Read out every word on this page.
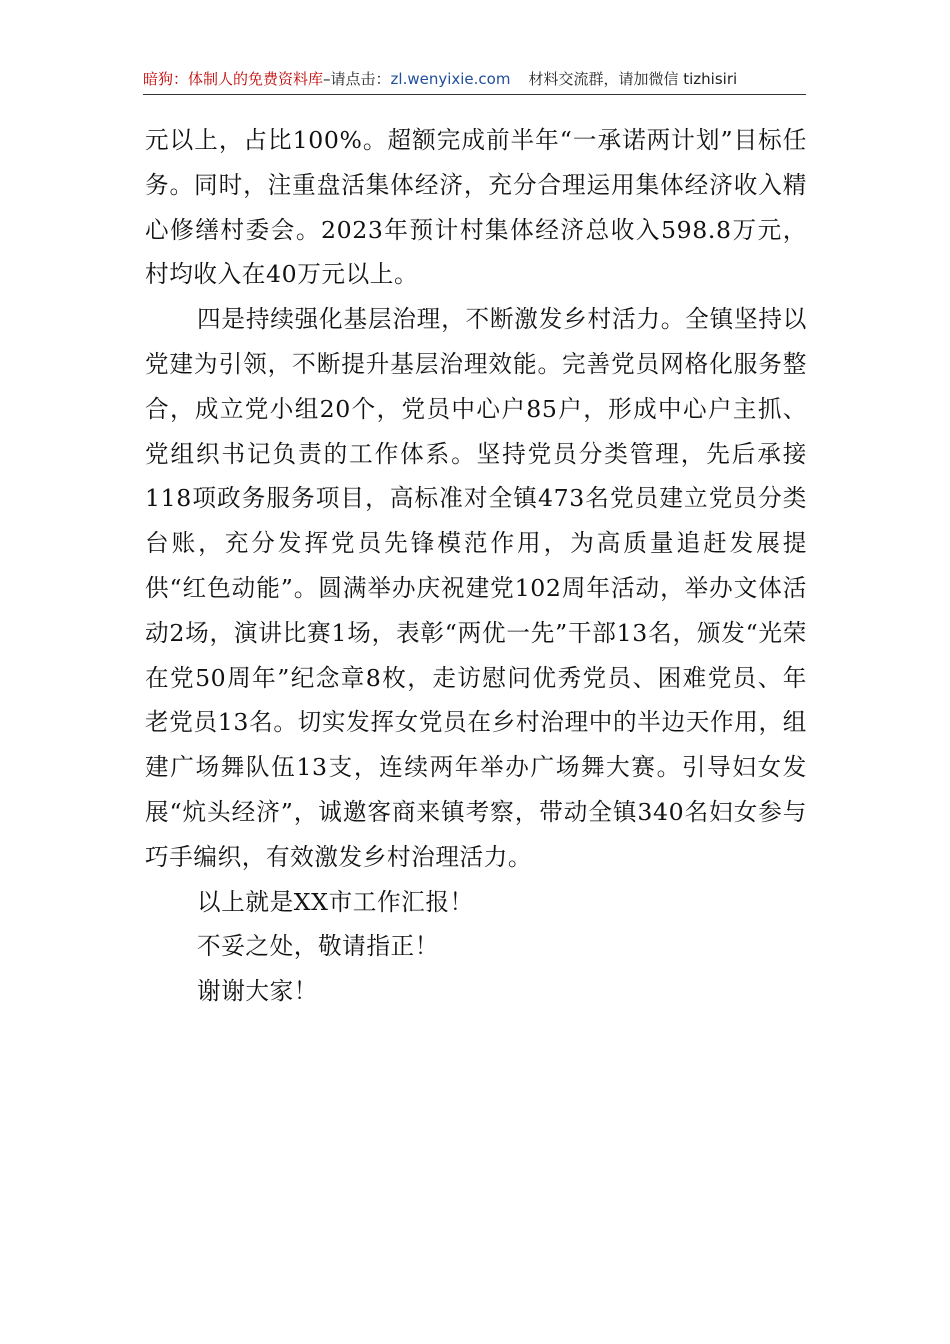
暗狗：体制人的免费资料库–请点击：zl.wenyixie.com 材料交流群，请加微信 tizhisiri

元以上，占比100%。超额完成前半年“一承诺两计划”目标任务。同时，注重盘活集体经济，充分合理运用集体经济收入精心修缮村委会。2023年预计村集体经济总收入598.8万元，村均收入在40万元以上。

四是持续强化基层治理，不断激发乡村活力。全镇坚持以党建为引领，不断提升基层治理效能。完善党员网格化服务整合，成立党小组20个，党员中心户85户，形成中心户主抓、党组织书记负责的工作体系。坚持党员分类管理，先后承接118项政务服务项目，高标准对全镇473名党员建立党员分类台账，充分发挥党员先锋模范作用，为高质量追赶发展提供“红色动能”。圆满举办庆祝建党102周年活动，举办文体活动2场，演讲比赛1场，表彰“两优一先”干部13名，颁发“光荣在党50周年”纪念章8枚，走访慰问优秀党员、困难党员、年老党员13名。切实发挥女党员在乡村治理中的半边天作用，组建广场舞队伍13支，连续两年举办广场舞大赛。引导妇女发展“炕头经济”，诚邀客商来镇考察，带动全镇340名妇女参与巧手编织，有效激发乡村治理活力。

以上就是XX市工作汇报！

不妥之处，敬请指正！

谢谢大家！
